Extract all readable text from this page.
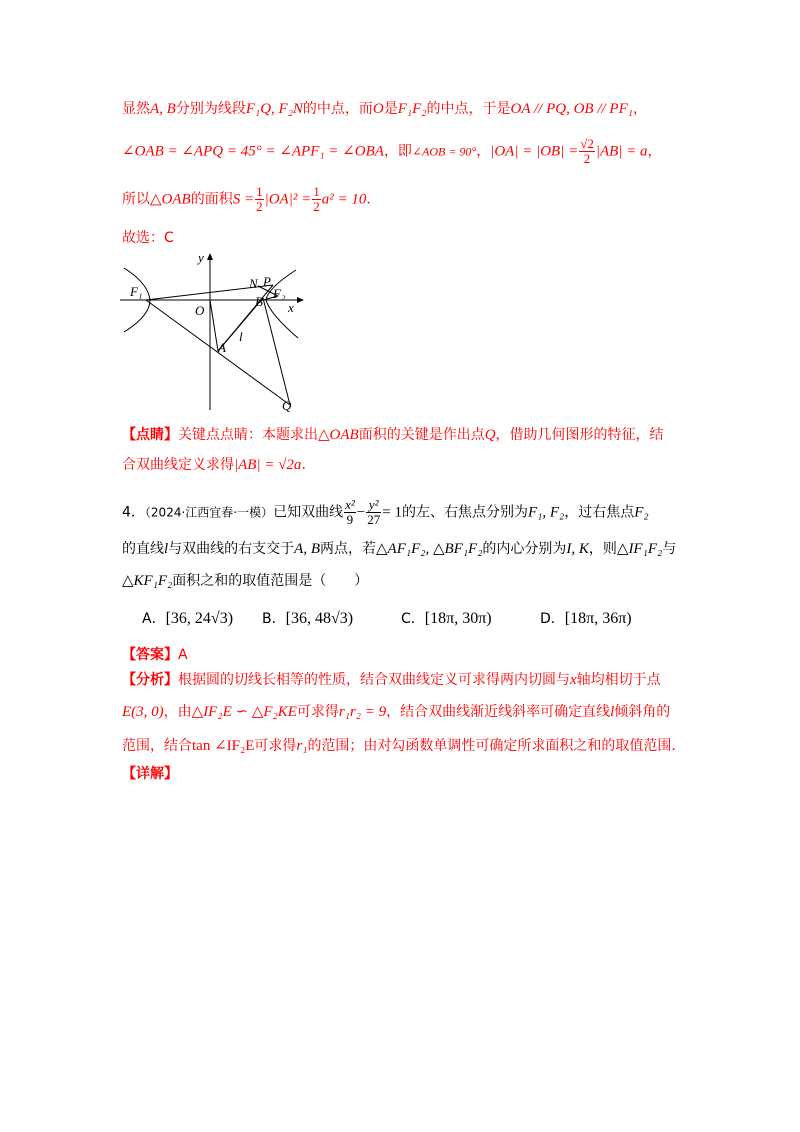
显然A, B分别为线段F₁Q, F₂N的中点，而O是F₁F₂的中点，于是OA // PQ, OB // PF₁，
∠OAB = ∠APQ = 45° = ∠APF₁ = ∠OBA，即∠AOB = 90°，$|OA| = |OB| = \frac{√2}{2} |AB| = a$，
所以△OAB的面积$S = \frac{1}{2} |OA|^2 = \frac{1}{2} a^2 = 10$．
故选：C
y
x
F₁
O
N P
B
F₂
A
l
Q
【点睛】关键点点睛：本题求出△OAB面积的关键是作出点Q，借助几何图形的特征，结
合双曲线定义求得|AB| = √2a．
4．（2024·江西宜春·一模）已知双曲线 $\frac{\text{x²}}{9} - \frac{\text{y²}}{27} = 1$的左、右焦点分别为F₁, F₂，过右焦点F₂
的直线l与双曲线的右支交于A, B两点，若△AF₁F₂, △BF₁F₂的内心分别为I, K，则△IF₁F₂与
△KF₁F₂面积之和的取值范围是（　　）
A．[36, 24√3) B．[36, 48√3)	C．[18π, 30π)	D．[18π, 36π)
【答案】A
【分析】根据圆的切线长相等的性质，结合双曲线定义可求得两内切圆与x轴均相切于点
E(3, 0)，由△IF₂E ∽ △F₂KE可求得r₁r₂ = 9，结合双曲线渐近线斜率可确定直线l倾斜角的
范围，结合tan ∠IF₂E可求得r₁的范围；由对勾函数单调性可确定所求面积之和的取值范围．
【详解】
